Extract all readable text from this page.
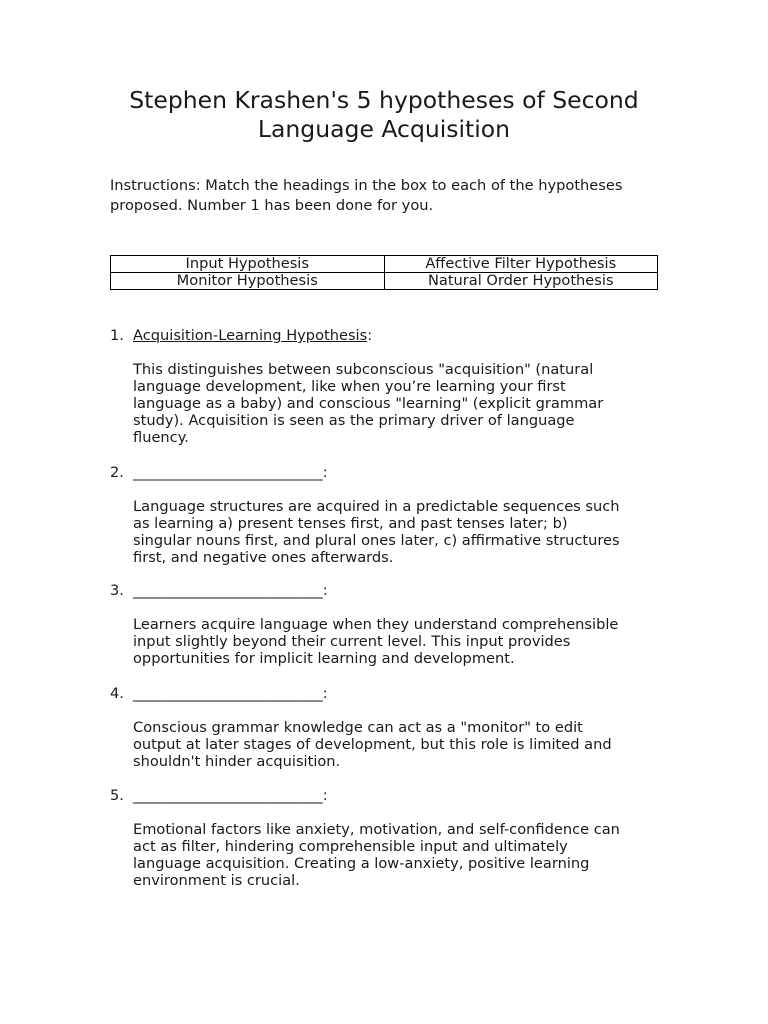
Stephen Krashen's 5 hypotheses of Second
Language Acquisition
Instructions: Match the headings in the box to each of the hypotheses
proposed. Number 1 has been done for you.
Input Hypothesis	Affective Filter Hypothesis
Monitor Hypothesis	Natural Order Hypothesis
1. Acquisition-Learning Hypothesis:
This distinguishes between subconscious "acquisition" (natural
language development, like when you’re learning your first
language as a baby) and conscious "learning" (explicit grammar
study). Acquisition is seen as the primary driver of language
fluency.
2. __________________________:
Language structures are acquired in a predictable sequences such
as learning a) present tenses first, and past tenses later; b)
singular nouns first, and plural ones later, c) affirmative structures
first, and negative ones afterwards.
3. __________________________:
Learners acquire language when they understand comprehensible
input slightly beyond their current level. This input provides
opportunities for implicit learning and development.
4. __________________________:
Conscious grammar knowledge can act as a "monitor" to edit
output at later stages of development, but this role is limited and
shouldn't hinder acquisition.
5. __________________________:
Emotional factors like anxiety, motivation, and self-confidence can
act as filter, hindering comprehensible input and ultimately
language acquisition. Creating a low-anxiety, positive learning
environment is crucial.
